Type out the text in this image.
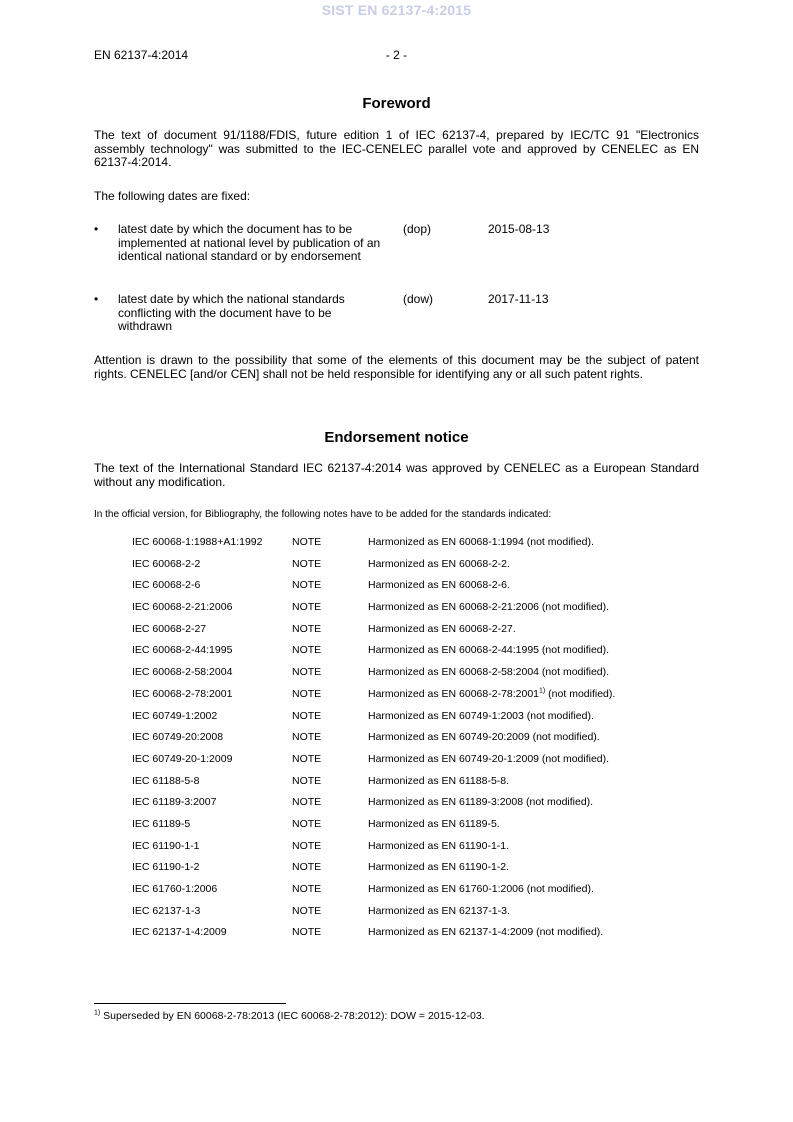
SIST EN 62137-4:2015
EN 62137-4:2014	- 2 -
Foreword

The text of document 91/1188/FDIS, future edition 1 of IEC 62137-4, prepared by IEC/TC 91 "Electronics assembly technology" was submitted to the IEC-CENELEC parallel vote and approved by CENELEC as EN 62137-4:2014.

The following dates are fixed:

• latest date by which the document has to be implemented at national level by publication of an identical national standard or by endorsement
(dop)	2015-08-13
• latest date by which the national standards conflicting with the document have to be withdrawn
(dow)	2017-11-13

Attention is drawn to the possibility that some of the elements of this document may be the subject of patent rights. CENELEC [and/or CEN] shall not be held responsible for identifying any or all such patent rights.

Endorsement notice

The text of the International Standard IEC 62137-4:2014 was approved by CENELEC as a European Standard without any modification.

In the official version, for Bibliography, the following notes have to be added for the standards indicated:

IEC 60068-1:1988+A1:1992	NOTE	Harmonized as EN 60068-1:1994 (not modified).
IEC 60068-2-2	NOTE	Harmonized as EN 60068-2-2.
IEC 60068-2-6	NOTE	Harmonized as EN 60068-2-6.
IEC 60068-2-21:2006	NOTE	Harmonized as EN 60068-2-21:2006 (not modified).
IEC 60068-2-27	NOTE	Harmonized as EN 60068-2-27.
IEC 60068-2-44:1995	NOTE	Harmonized as EN 60068-2-44:1995 (not modified).
IEC 60068-2-58:2004	NOTE	Harmonized as EN 60068-2-58:2004 (not modified).
IEC 60068-2-78:2001	NOTE	Harmonized as EN 60068-2-78:2001$^{1)}$ (not modified).
IEC 60749-1:2002	NOTE	Harmonized as EN 60749-1:2003 (not modified).
IEC 60749-20:2008	NOTE	Harmonized as EN 60749-20:2009 (not modified).
IEC 60749-20-1:2009	NOTE	Harmonized as EN 60749-20-1:2009 (not modified).
IEC 61188-5-8	NOTE	Harmonized as EN 61188-5-8.
IEC 61189-3:2007	NOTE	Harmonized as EN 61189-3:2008 (not modified).
IEC 61189-5	NOTE	Harmonized as EN 61189-5.
IEC 61190-1-1	NOTE	Harmonized as EN 61190-1-1.
IEC 61190-1-2	NOTE	Harmonized as EN 61190-1-2.
IEC 61760-1:2006	NOTE	Harmonized as EN 61760-1:2006 (not modified).
IEC 62137-1-3	NOTE	Harmonized as EN 62137-1-3.
IEC 62137-1-4:2009	NOTE	Harmonized as EN 62137-1-4:2009 (not modified).
$^{1)}$ Superseded by EN 60068-2-78:2013 (IEC 60068-2-78:2012): DOW = 2015-12-03.
